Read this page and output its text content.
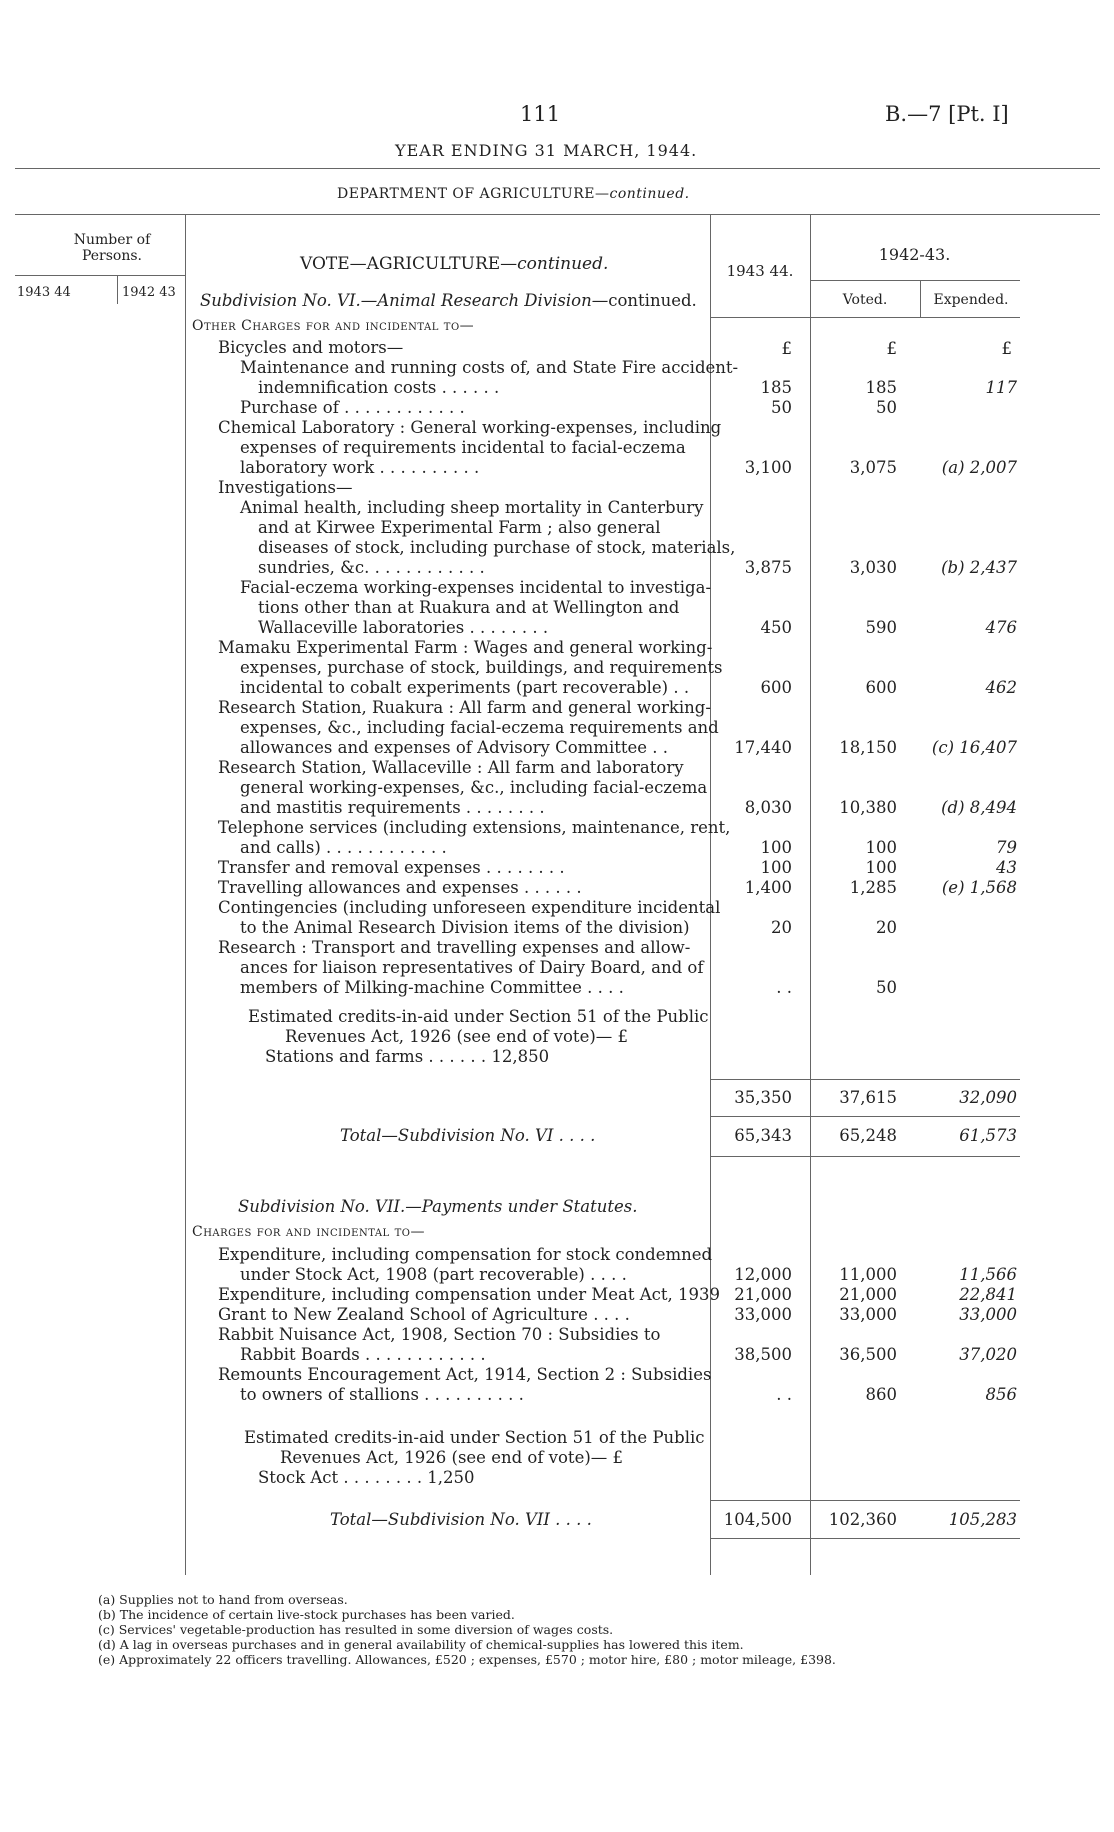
111	B.—7 [Pt. I]
YEAR ENDING 31 MARCH, 1944.
DEPARTMENT OF AGRICULTURE—continued.
Number of Persons.
1943 44	1942 43
VOTE—AGRICULTURE—continued.	1943 44.
1942-43.
Voted.	Expended.
Subdivision No. VI.—Animal Research Division—continued.
Other Charges for and incidental to—
£	£	£
Bicycles and motors—
Maintenance and running costs of, and State Fire accident-
indemnification costs . . . . . .	185	185	117
Purchase of . . . . . . . . . . . .	50	50
Chemical Laboratory : General working-expenses, including
expenses of requirements incidental to facial-eczema
laboratory work . . . . . . . . . .	3,100	3,075	(a) 2,007
Investigations—
Animal health, including sheep mortality in Canterbury
and at Kirwee Experimental Farm ; also general
diseases of stock, including purchase of stock, materials,
sundries, &c. . . . . . . . . . . .	3,875	3,030	(b) 2,437
Facial-eczema working-expenses incidental to investiga-
tions other than at Ruakura and at Wellington and
Wallaceville laboratories . . . . . . . .	450	590	476
Mamaku Experimental Farm : Wages and general working-
expenses, purchase of stock, buildings, and requirements
incidental to cobalt experiments (part recoverable) . .	600	600	462
Research Station, Ruakura : All farm and general working-
expenses, &c., including facial-eczema requirements and
allowances and expenses of Advisory Committee . .	17,440	18,150	(c) 16,407
Research Station, Wallaceville : All farm and laboratory
general working-expenses, &c., including facial-eczema
and mastitis requirements . . . . . . . .	8,030	10,380	(d) 8,494
Telephone services (including extensions, maintenance, rent,
and calls) . . . . . . . . . . . .	100	100	79
Transfer and removal expenses . . . . . . . .	100	100	43
Travelling allowances and expenses . . . . . .	1,400	1,285	(e) 1,568
Contingencies (including unforeseen expenditure incidental
to the Animal Research Division items of the division)	20	20
Research : Transport and travelling expenses and allow-
ances for liaison representatives of Dairy Board, and of
members of Milking-machine Committee . . . .	. .	50
Estimated credits-in-aid under Section 51 of the Public
Revenues Act, 1926 (see end of vote)— £
Stations and farms . . . . . . 12,850
35,350	37,615	32,090
Total—Subdivision No. VI . . . .	65,343	65,248	61,573
Subdivision No. VII.—Payments under Statutes.
Charges for and incidental to—
Expenditure, including compensation for stock condemned
under Stock Act, 1908 (part recoverable) . . . .	12,000	11,000	11,566
Expenditure, including compensation under Meat Act, 1939 21,000	21,000	22,841
Grant to New Zealand School of Agriculture . . . .	33,000	33,000	33,000
Rabbit Nuisance Act, 1908, Section 70 : Subsidies to
Rabbit Boards . . . . . . . . . . . .	38,500	36,500	37,020
Remounts Encouragement Act, 1914, Section 2 : Subsidies
to owners of stallions . . . . . . . . . .	. .	860	856
Estimated credits-in-aid under Section 51 of the Public
Revenues Act, 1926 (see end of vote)— £
Stock Act . . . . . . . . 1,250
Total—Subdivision No. VII . . . .	104,500	102,360	105,283
(a) Supplies not to hand from overseas.
(b) The incidence of certain live-stock purchases has been varied.
(c) Services' vegetable-production has resulted in some diversion of wages costs.
(d) A lag in overseas purchases and in general availability of chemical-supplies has lowered this item.
(e) Approximately 22 officers travelling. Allowances, £520 ; expenses, £570 ; motor hire, £80 ; motor mileage, £398.
